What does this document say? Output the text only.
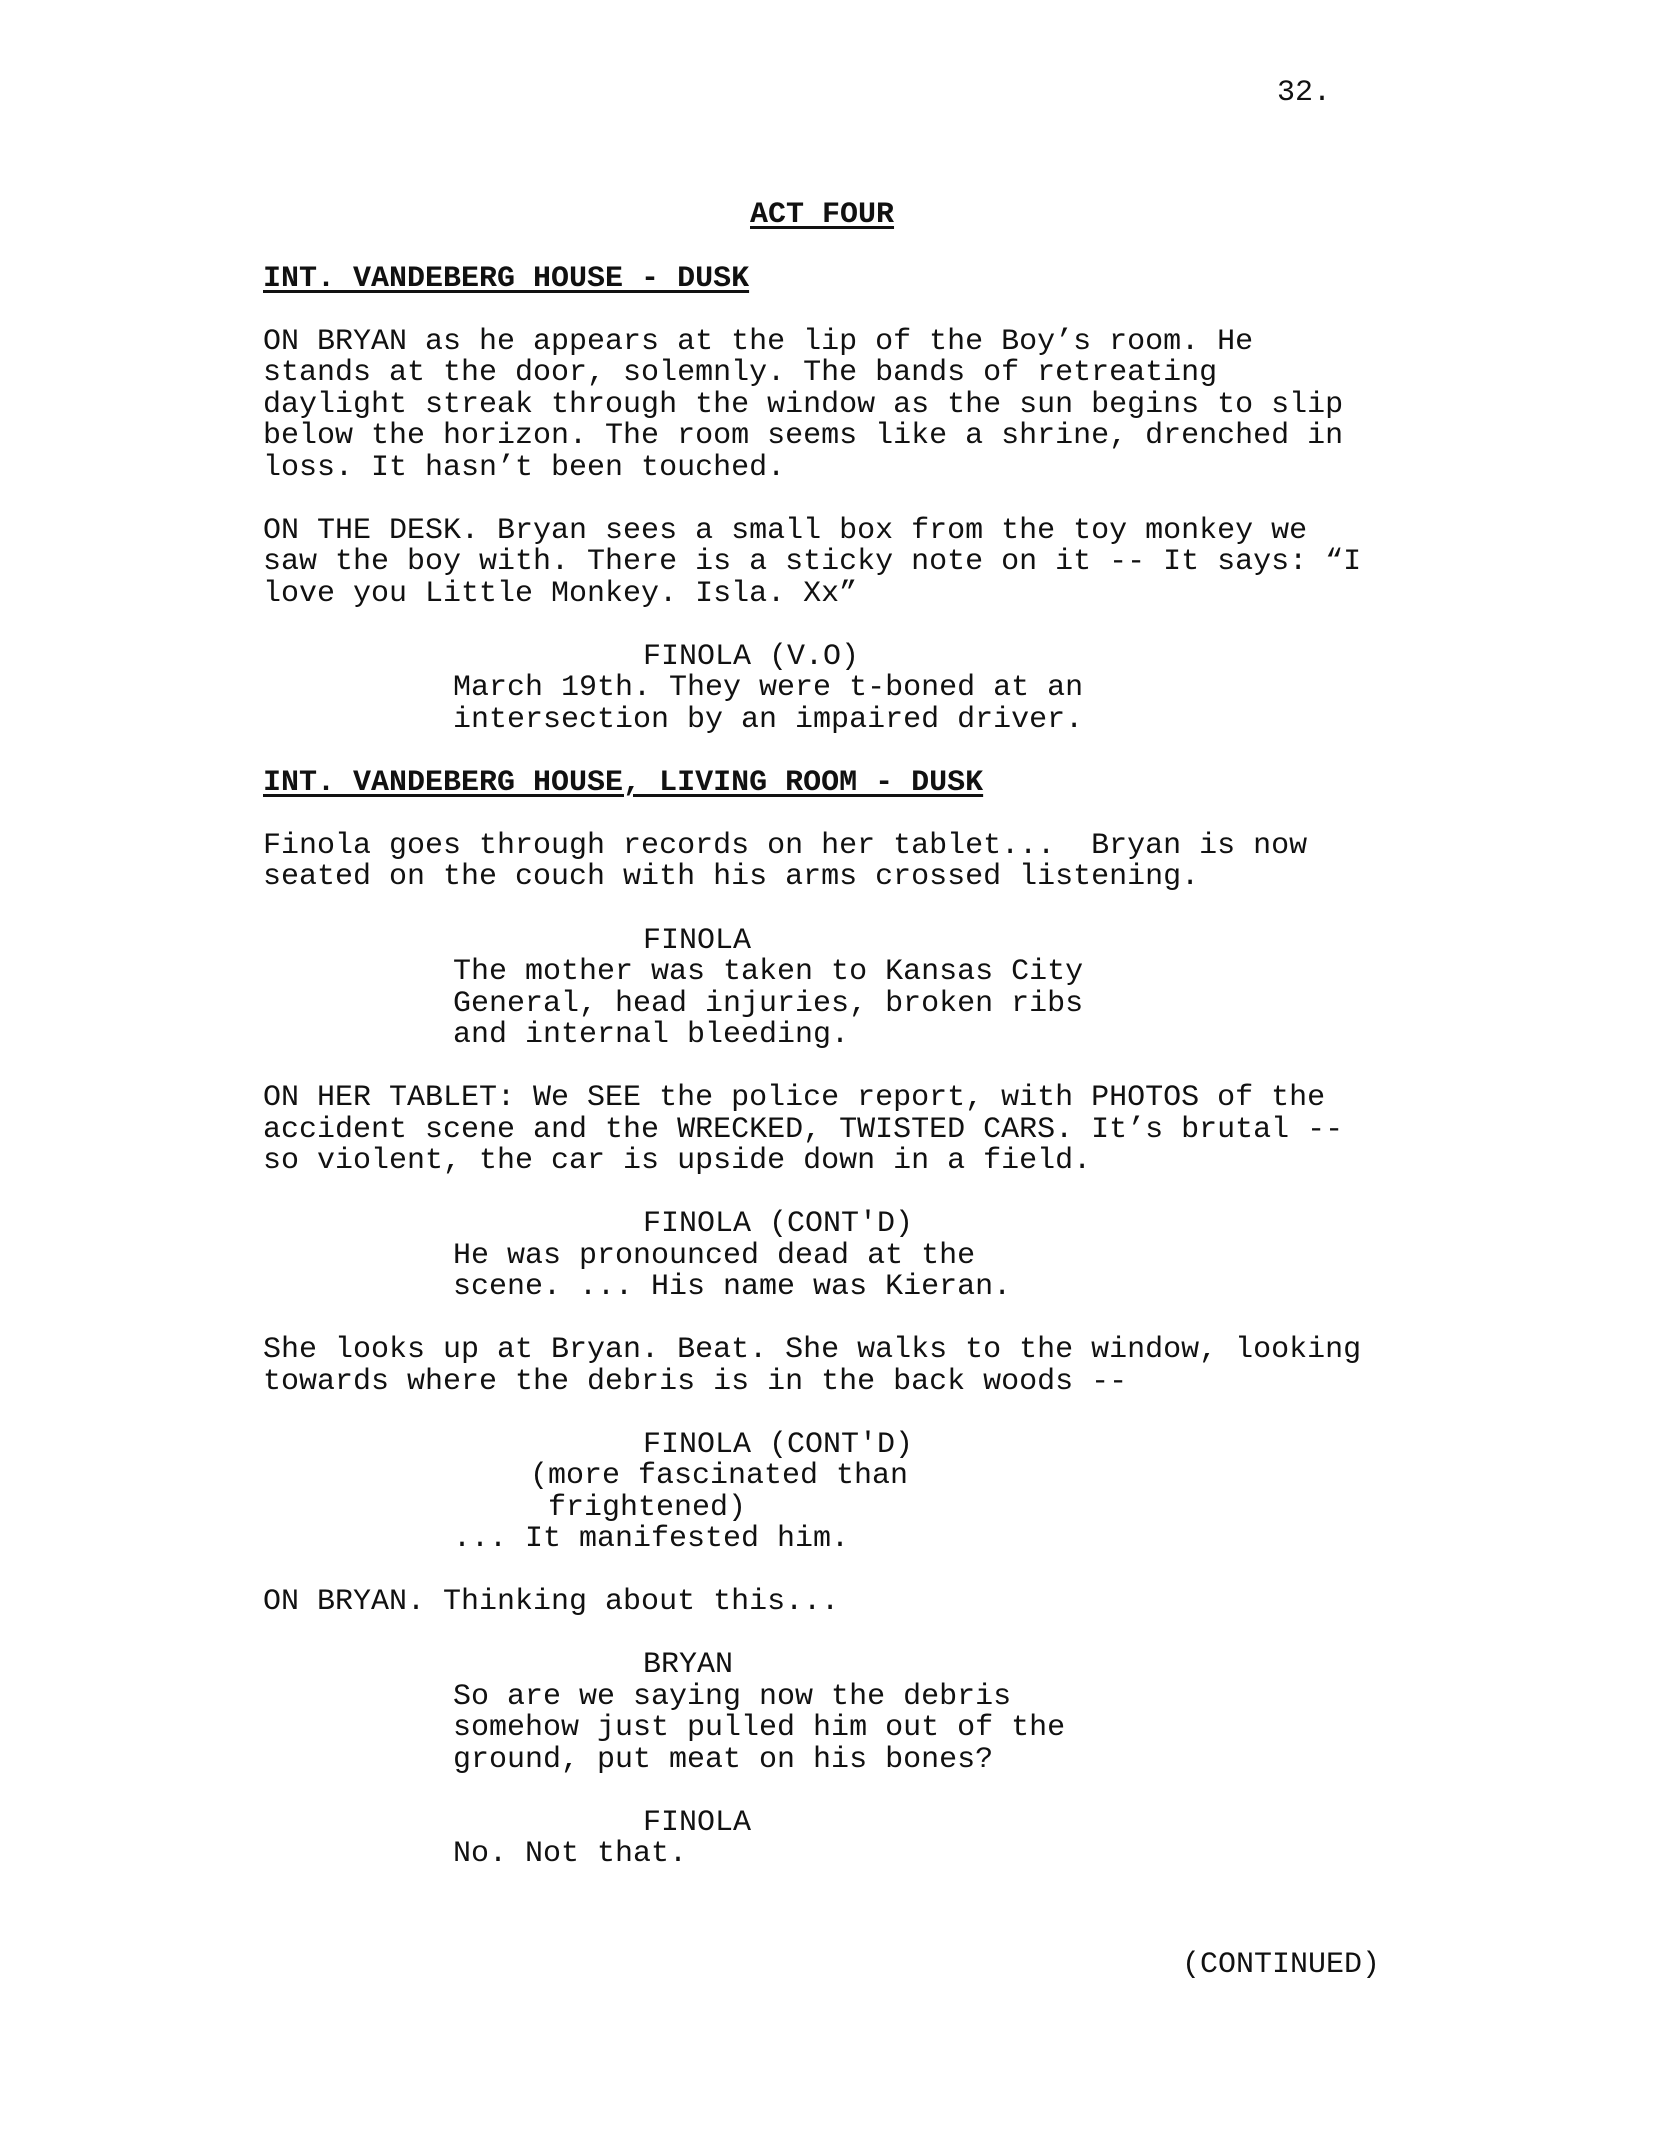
32.
ACT FOUR
INT. VANDEBERG HOUSE - DUSK
ON BRYAN as he appears at the lip of the Boy’s room. He
stands at the door, solemnly. The bands of retreating
daylight streak through the window as the sun begins to slip
below the horizon. The room seems like a shrine, drenched in
loss. It hasn’t been touched.
ON THE DESK. Bryan sees a small box from the toy monkey we
saw the boy with. There is a sticky note on it -- It says: “I
love you Little Monkey. Isla. Xx”
FINOLA (V.O)
March 19th. They were t-boned at an
intersection by an impaired driver.
INT. VANDEBERG HOUSE, LIVING ROOM - DUSK
Finola goes through records on her tablet...  Bryan is now
seated on the couch with his arms crossed listening.
FINOLA
The mother was taken to Kansas City
General, head injuries, broken ribs
and internal bleeding.
ON HER TABLET: We SEE the police report, with PHOTOS of the
accident scene and the WRECKED, TWISTED CARS. It’s brutal --
so violent, the car is upside down in a field.
FINOLA (CONT'D)
He was pronounced dead at the
scene. ... His name was Kieran.
She looks up at Bryan. Beat. She walks to the window, looking
towards where the debris is in the back woods --
FINOLA (CONT'D)
(more fascinated than
frightened)
... It manifested him.
ON BRYAN. Thinking about this...
BRYAN
So are we saying now the debris
somehow just pulled him out of the
ground, put meat on his bones?
FINOLA
No. Not that.
(CONTINUED)
